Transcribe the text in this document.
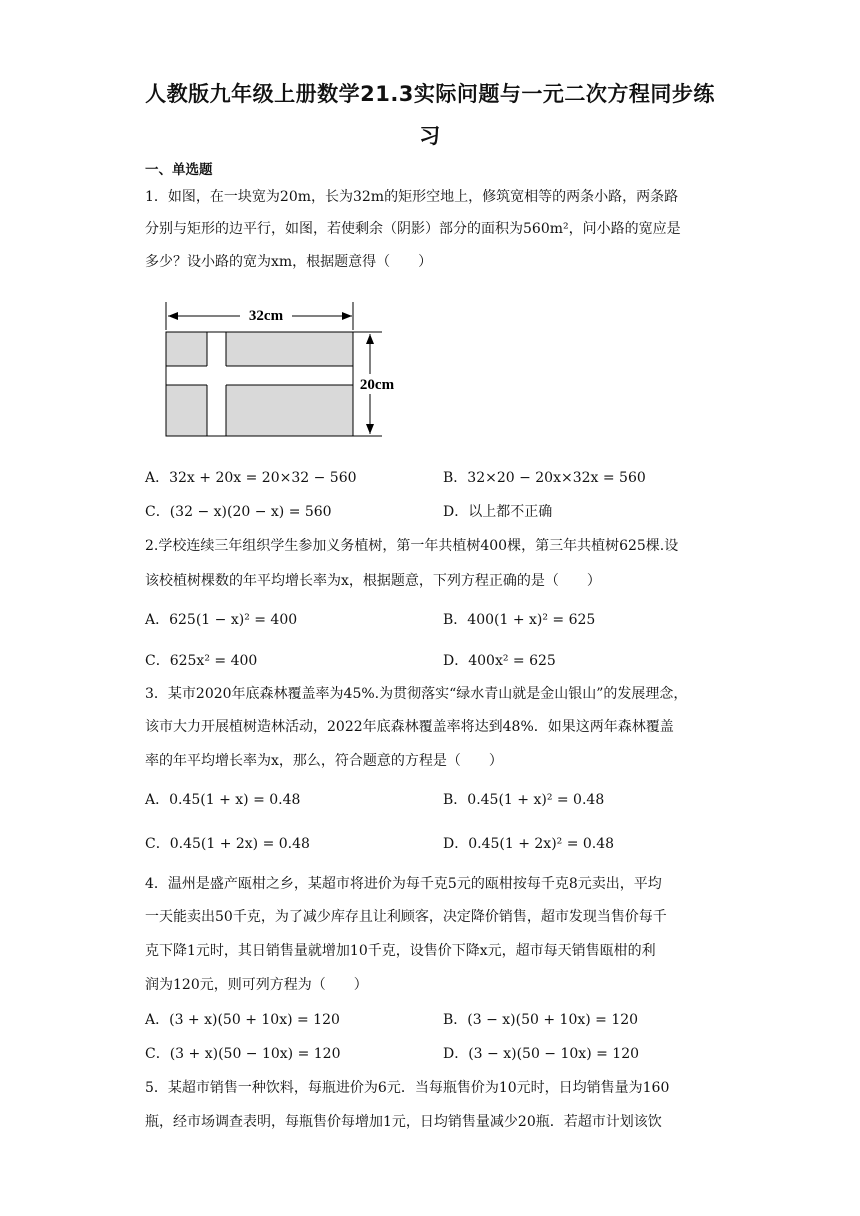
人教版九年级上册数学21.3实际问题与一元二次方程同步练
习
一、单选题
1．如图，在一块宽为20m，长为32m的矩形空地上，修筑宽相等的两条小路，两条路
分别与矩形的边平行，如图，若使剩余（阴影）部分的面积为560m²，问小路的宽应是
多少？设小路的宽为xm，根据题意得（　　）
32cm
20cm
A．32x + 20x = 20×32 − 560	B．32×20 − 20x×32x = 560
C．(32 − x)(20 − x) = 560	D．以上都不正确
2.学校连续三年组织学生参加义务植树，第一年共植树400棵，第三年共植树625棵.设
该校植树棵数的年平均增长率为x，根据题意，下列方程正确的是（　　）
A．625(1 − x)² = 400	B．400(1 + x)² = 625
C．625x² = 400	D．400x² = 625
3．某市2020年底森林覆盖率为45%.为贯彻落实“绿水青山就是金山银山”的发展理念，
该市大力开展植树造林活动，2022年底森林覆盖率将达到48%．如果这两年森林覆盖
率的年平均增长率为x，那么，符合题意的方程是（　　）
A．0.45(1 + x) = 0.48	B．0.45(1 + x)² = 0.48
C．0.45(1 + 2x) = 0.48	D．0.45(1 + 2x)² = 0.48
4．温州是盛产瓯柑之乡，某超市将进价为每千克5元的瓯柑按每千克8元卖出，平均
一天能卖出50千克，为了减少库存且让利顾客，决定降价销售，超市发现当售价每千
克下降1元时，其日销售量就增加10千克，设售价下降x元，超市每天销售瓯柑的利
润为120元，则可列方程为（　　）
A．(3 + x)(50 + 10x) = 120	B．(3 − x)(50 + 10x) = 120
C．(3 + x)(50 − 10x) = 120	D．(3 − x)(50 − 10x) = 120
5．某超市销售一种饮料，每瓶进价为6元．当每瓶售价为10元时，日均销售量为160
瓶，经市场调查表明，每瓶售价每增加1元，日均销售量减少20瓶．若超市计划该饮
